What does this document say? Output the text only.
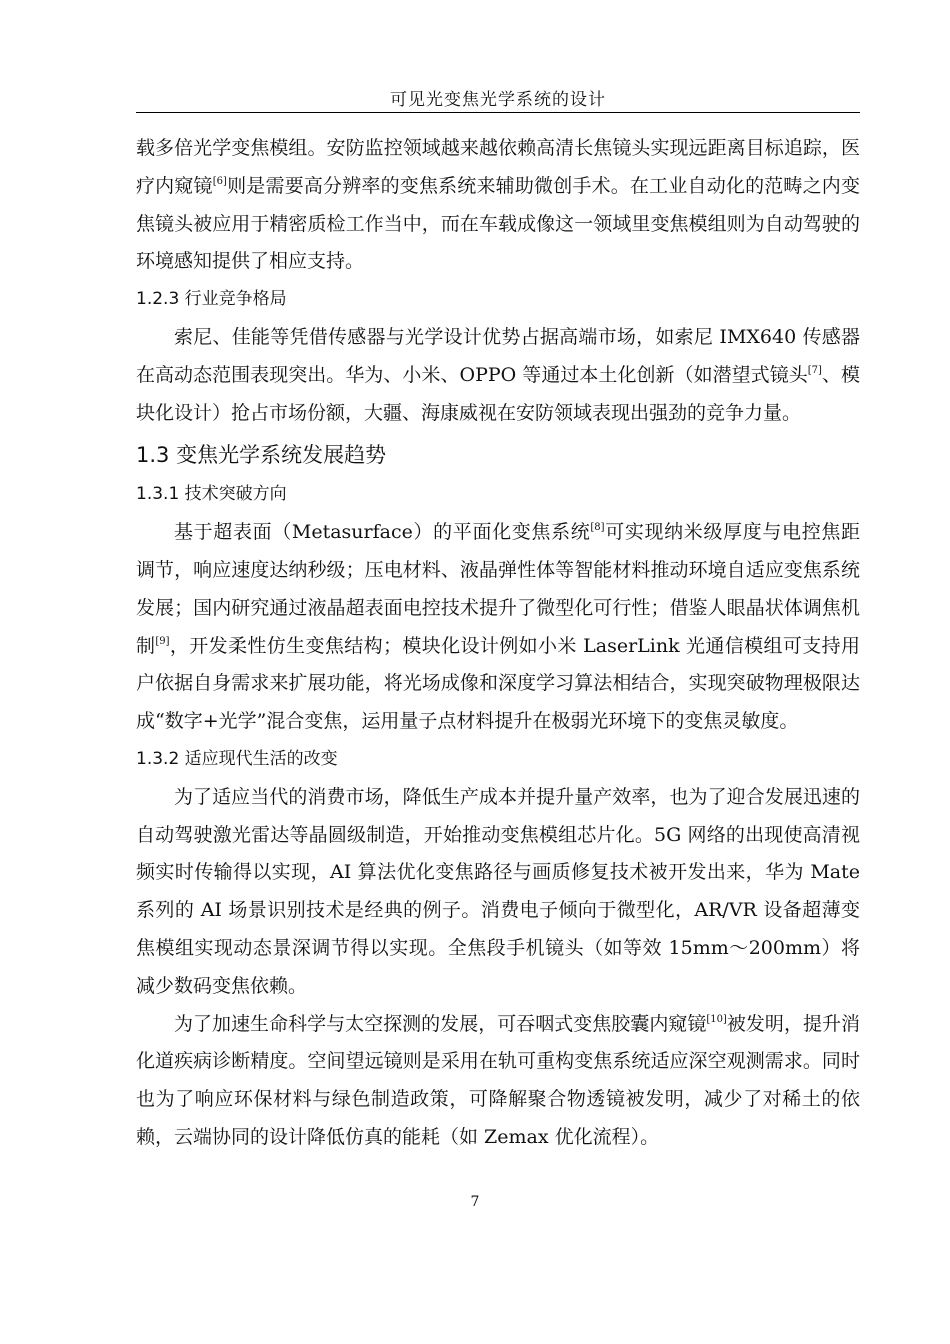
可见光变焦光学系统的设计

载多倍光学变焦模组。安防监控领域越来越依赖高清长焦镜头实现远距离目标追踪，医疗内窥镜[6]则是需要高分辨率的变焦系统来辅助微创手术。在工业自动化的范畴之内变焦镜头被应用于精密质检工作当中，而在车载成像这一领域里变焦模组则为自动驾驶的环境感知提供了相应支持。

1.2.3 行业竞争格局

索尼、佳能等凭借传感器与光学设计优势占据高端市场，如索尼 IMX640 传感器在高动态范围表现突出。华为、小米、OPPO 等通过本土化创新（如潜望式镜头[7]、模块化设计）抢占市场份额，大疆、海康威视在安防领域表现出强劲的竞争力量。

1.3 变焦光学系统发展趋势
1.3.1 技术突破方向

基于超表面（Metasurface）的平面化变焦系统[8]可实现纳米级厚度与电控焦距调节，响应速度达纳秒级；压电材料、液晶弹性体等智能材料推动环境自适应变焦系统发展；国内研究通过液晶超表面电控技术提升了微型化可行性；借鉴人眼晶状体调焦机制[9]，开发柔性仿生变焦结构；模块化设计例如小米 LaserLink 光通信模组可支持用户依据自身需求来扩展功能，将光场成像和深度学习算法相结合，实现突破物理极限达成“数字+光学”混合变焦，运用量子点材料提升在极弱光环境下的变焦灵敏度。

1.3.2 适应现代生活的改变

为了适应当代的消费市场，降低生产成本并提升量产效率，也为了迎合发展迅速的自动驾驶激光雷达等晶圆级制造，开始推动变焦模组芯片化。5G 网络的出现使高清视频实时传输得以实现，AI 算法优化变焦路径与画质修复技术被开发出来，华为 Mate 系列的 AI 场景识别技术是经典的例子。消费电子倾向于微型化，AR/VR 设备超薄变焦模组实现动态景深调节得以实现。全焦段手机镜头（如等效 15mm～200mm）将减少数码变焦依赖。

为了加速生命科学与太空探测的发展，可吞咽式变焦胶囊内窥镜[10]被发明，提升消化道疾病诊断精度。空间望远镜则是采用在轨可重构变焦系统适应深空观测需求。同时也为了响应环保材料与绿色制造政策，可降解聚合物透镜被发明，减少了对稀土的依赖，云端协同的设计降低仿真的能耗（如 Zemax 优化流程）。

7
